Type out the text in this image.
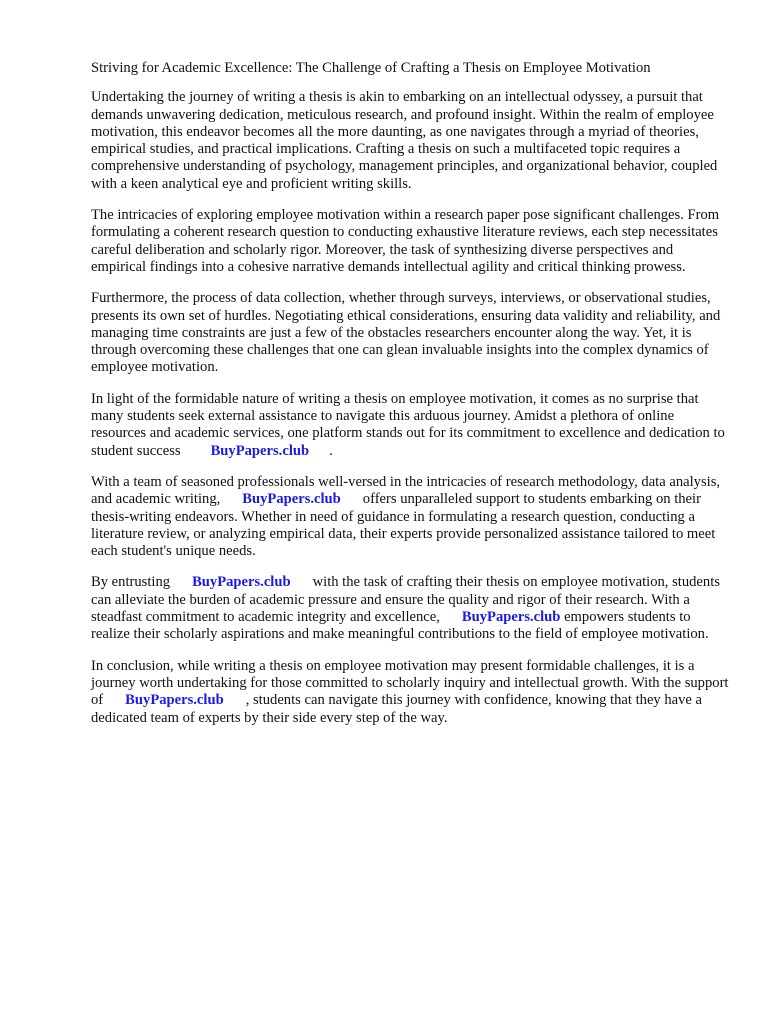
Striving for Academic Excellence: The Challenge of Crafting a Thesis on Employee Motivation

Undertaking the journey of writing a thesis is akin to embarking on an intellectual odyssey, a pursuit that demands unwavering dedication, meticulous research, and profound insight. Within the realm of employee motivation, this endeavor becomes all the more daunting, as one navigates through a myriad of theories, empirical studies, and practical implications. Crafting a thesis on such a multifaceted topic requires a comprehensive understanding of psychology, management principles, and organizational behavior, coupled with a keen analytical eye and proficient writing skills.

The intricacies of exploring employee motivation within a research paper pose significant challenges. From formulating a coherent research question to conducting exhaustive literature reviews, each step necessitates careful deliberation and scholarly rigor. Moreover, the task of synthesizing diverse perspectives and empirical findings into a cohesive narrative demands intellectual agility and critical thinking prowess.

Furthermore, the process of data collection, whether through surveys, interviews, or observational studies, presents its own set of hurdles. Negotiating ethical considerations, ensuring data validity and reliability, and managing time constraints are just a few of the obstacles researchers encounter along the way. Yet, it is through overcoming these challenges that one can glean invaluable insights into the complex dynamics of employee motivation.

In light of the formidable nature of writing a thesis on employee motivation, it comes as no surprise that many students seek external assistance to navigate this arduous journey. Amidst a plethora of online resources and academic services, one platform stands out for its commitment to excellence and dedication to student success BuyPapers.club .

With a team of seasoned professionals well-versed in the intricacies of research methodology, data analysis, and academic writing, BuyPapers.club offers unparalleled support to students embarking on their thesis-writing endeavors. Whether in need of guidance in formulating a research question, conducting a literature review, or analyzing empirical data, their experts provide personalized assistance tailored to meet each student's unique needs.

By entrusting BuyPapers.club with the task of crafting their thesis on employee motivation, students can alleviate the burden of academic pressure and ensure the quality and rigor of their research. With a steadfast commitment to academic integrity and excellence, BuyPapers.club empowers students to realize their scholarly aspirations and make meaningful contributions to the field of employee motivation.

In conclusion, while writing a thesis on employee motivation may present formidable challenges, it is a journey worth undertaking for those committed to scholarly inquiry and intellectual growth. With the support of BuyPapers.club , students can navigate this journey with confidence, knowing that they have a dedicated team of experts by their side every step of the way.
